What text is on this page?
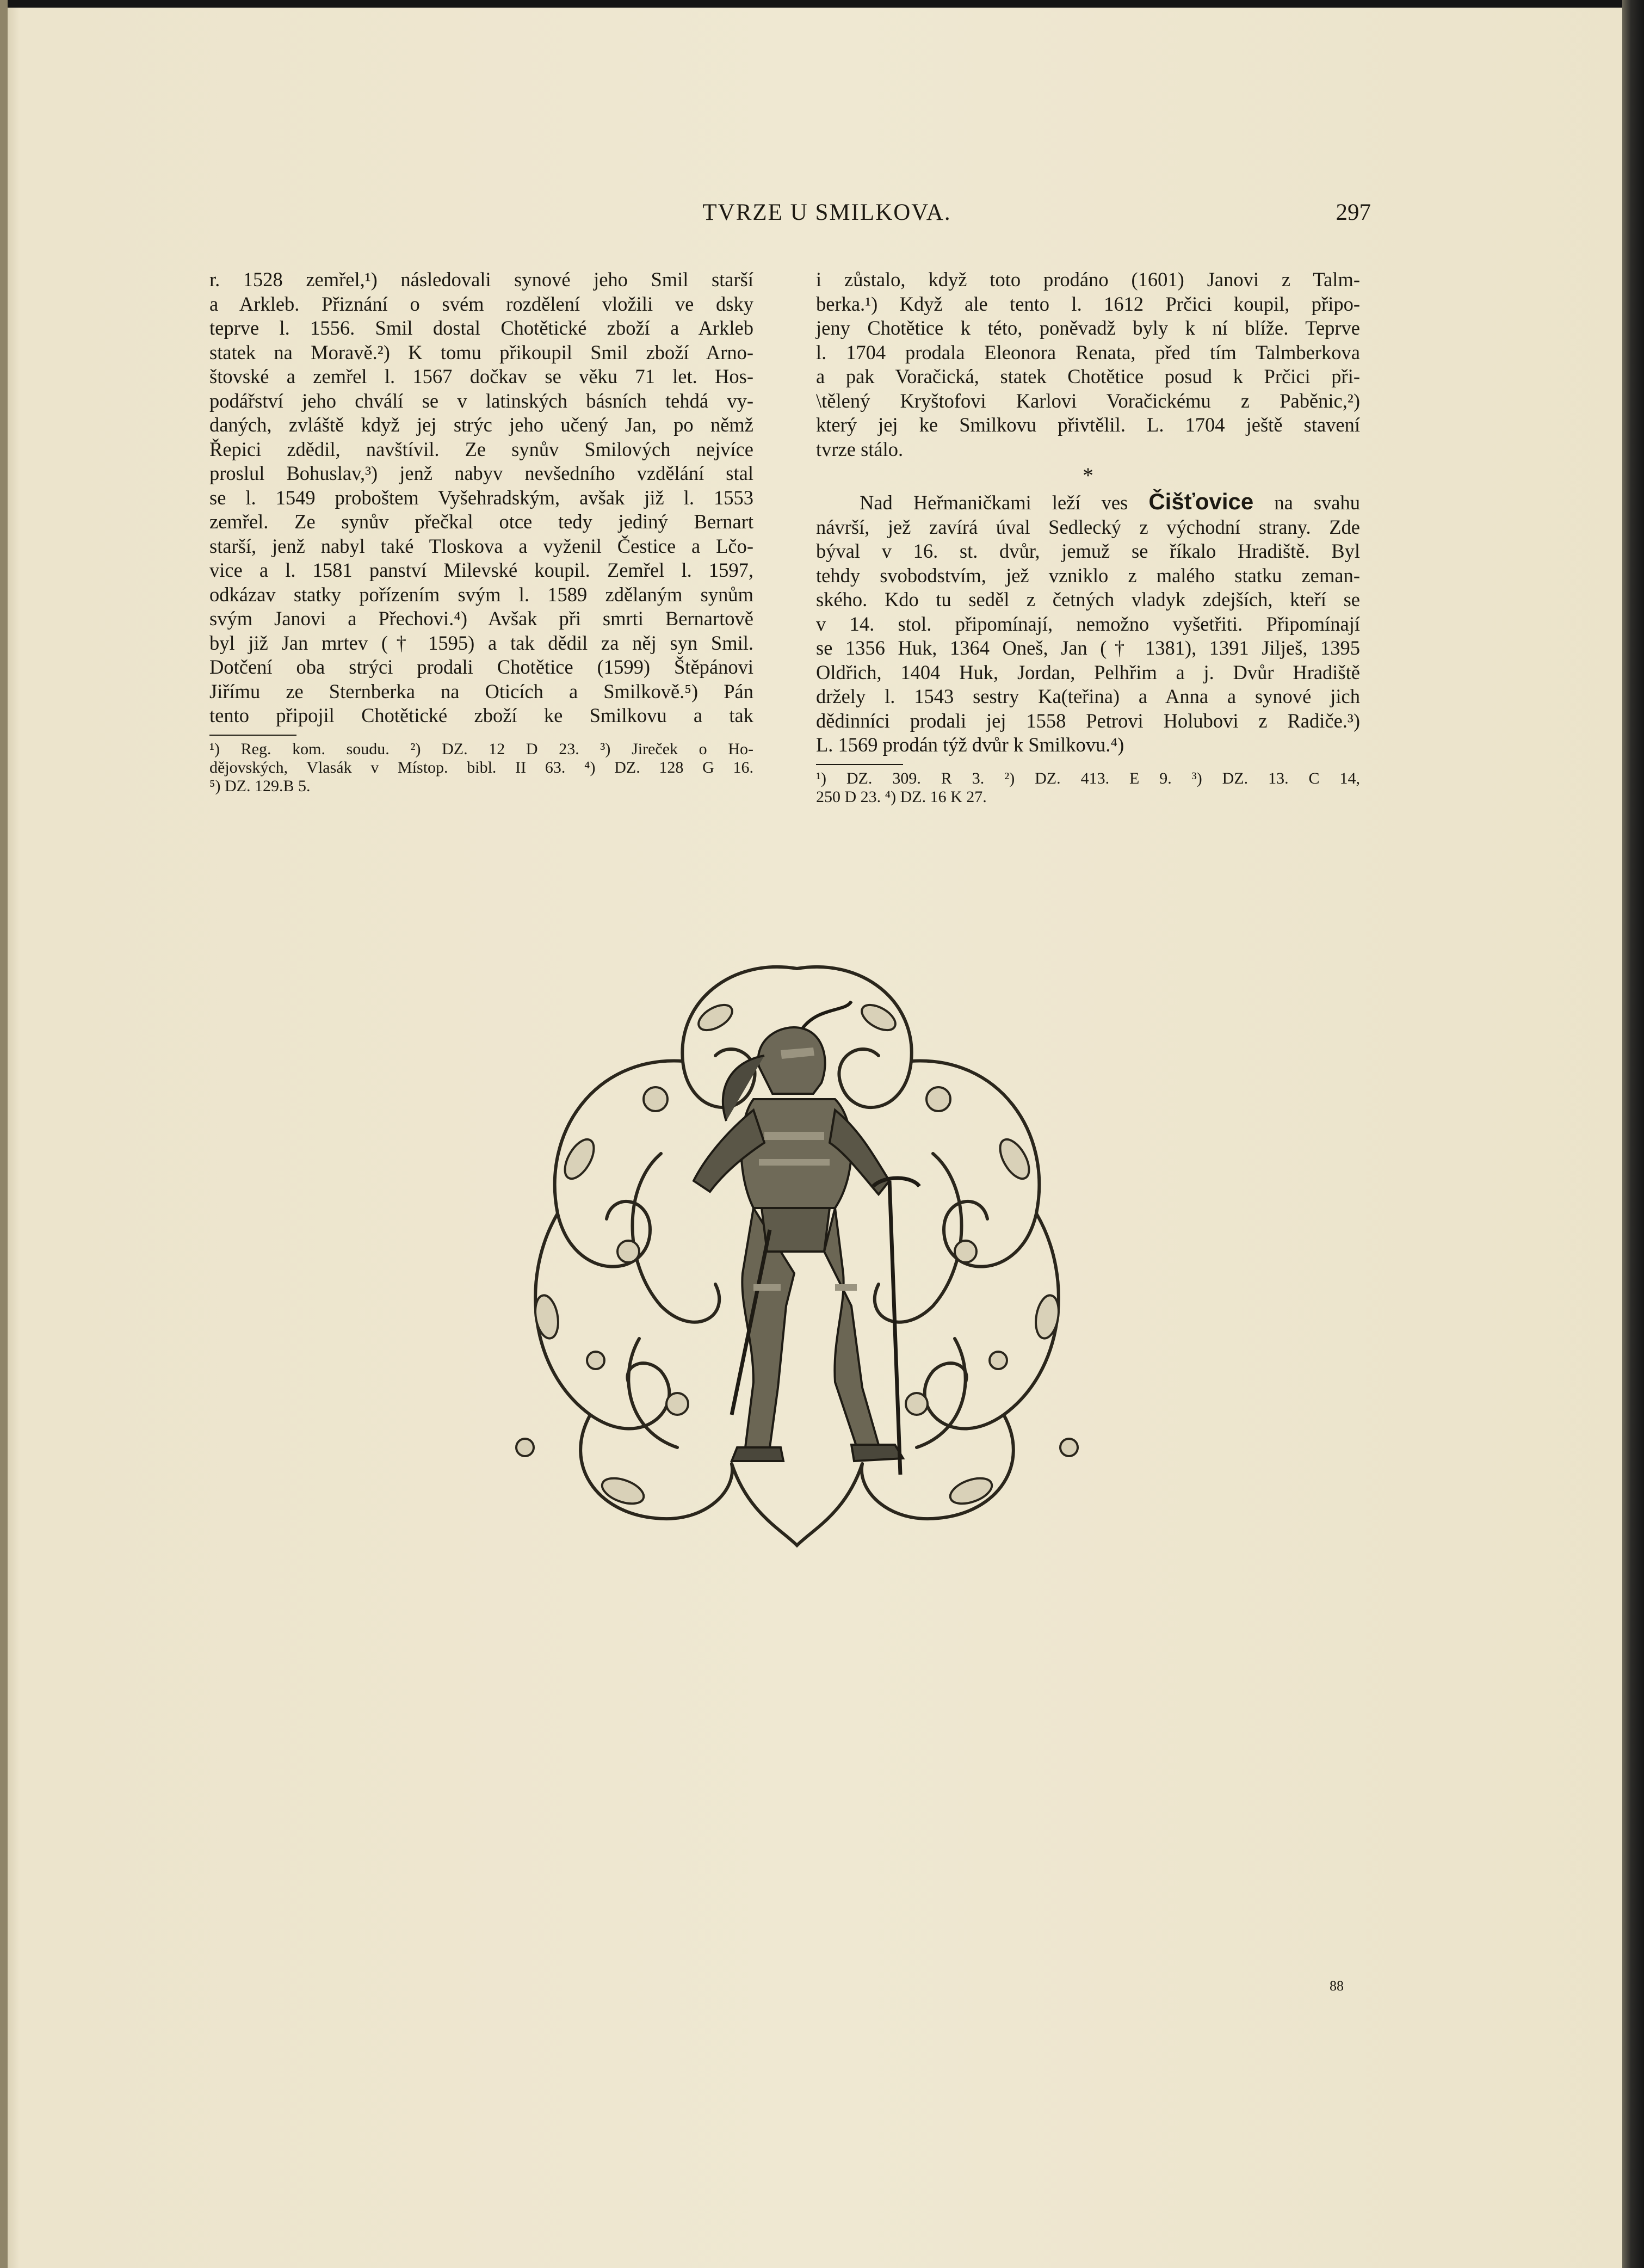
TVRZE U SMILKOVA.	297

r. 1528 zemřel,¹) následovali synové jeho Smil starší
a Arkleb. Přiznání o svém rozdělení vložili ve dsky
teprve l. 1556. Smil dostal Chotětické zboží a Arkleb
statek na Moravě.²) K tomu přikoupil Smil zboží Arno-
štovské a zemřel l. 1567 dočkav se věku 71 let. Hos-
podářství jeho chválí se v latinských básních tehdá vy-
daných, zvláště když jej strýc jeho učený Jan, po němž
Řepici zdědil, navštívil. Ze synův Smilových nejvíce
proslul Bohuslav,³) jenž nabyv nevšedního vzdělání stal
se l. 1549 proboštem Vyšehradským, avšak již l. 1553
zemřel. Ze synův přečkal otce tedy jediný Bernart
starší, jenž nabyl také Tloskova a vyženil Čestice a Lčo-
vice a l. 1581 panství Milevské koupil. Zemřel l. 1597,
odkázav statky pořízením svým l. 1589 zdělaným synům
svým Janovi a Přechovi.⁴) Avšak při smrti Bernartově
byl již Jan mrtev († 1595) a tak dědil za něj syn Smil.
Dotčení oba strýci prodali Chotětice (1599) Štěpánovi
Jiřímu ze Sternberka na Oticích a Smilkově.⁵) Pán
tento připojil Chotětické zboží ke Smilkovu a tak

¹) Reg. kom. soudu. ²) DZ. 12 D 23. ³) Jireček o Ho-
dějovských, Vlasák v Místop. bibl. II 63. ⁴) DZ. 128 G 16.
⁵) DZ. 129.B 5.

i zůstalo, když toto prodáno (1601) Janovi z Talm-
berka.¹) Když ale tento l. 1612 Prčici koupil, připo-
jeny Chotětice k této, poněvadž byly k ní blíže. Teprve
l. 1704 prodala Eleonora Renata, před tím Talmberkova
a pak Voračická, statek Chotětice posud k Prčici při-
\tělený Kryštofovi Karlovi Voračickému z Paběnic,²)
který jej ke Smilkovu přivtělil. L. 1704 ještě stavení
tvrze stálo.

*

Nad Heřmaničkami leží ves Čišťovice na svahu
návrší, jež zavírá úval Sedlecký z východní strany. Zde
býval v 16. st. dvůr, jemuž se říkalo Hradiště. Byl
tehdy svobodstvím, jež vzniklo z malého statku zeman-
ského. Kdo tu seděl z četných vladyk zdejších, kteří se
v 14. stol. připomínají, nemožno vyšetřiti. Připomínají
se 1356 Huk, 1364 Oneš, Jan († 1381), 1391 Jilješ, 1395
Oldřich, 1404 Huk, Jordan, Pelhřim a j. Dvůr Hradiště
držely l. 1543 sestry Ka(teřina) a Anna a synové jich
dědinníci prodali jej 1558 Petrovi Holubovi z Radiče.³)
L. 1569 prodán týž dvůr k Smilkovu.⁴)

¹) DZ. 309. R 3. ²) DZ. 413. E 9. ³) DZ. 13. C 14,
250 D 23. ⁴) DZ. 16 K 27.

88
